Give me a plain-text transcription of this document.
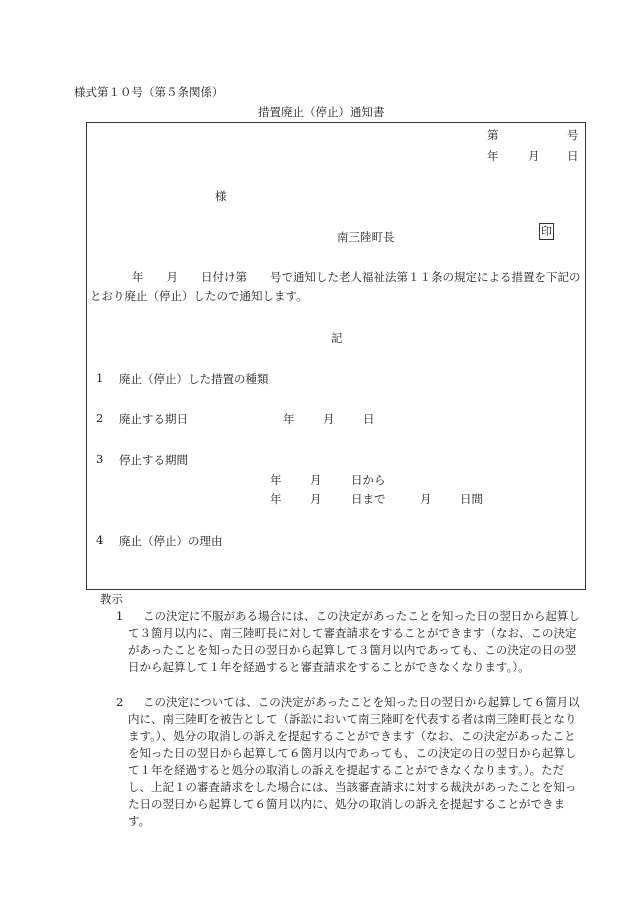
様式第１０号（第５条関係）
措置廃止（停止）通知書
第	号
年	月 日
様
南三陸町長	印
年　　月　　日付け第　　号で通知した老人福祉法第１１条の規定による措置を下記のとおり廃止（停止）したので通知します。
記
1 廃止（停止）した措置の種類
2 廃止する期日	年 月 日
3 停止する期間
年 月	日から
年 月	日まで	月 日間
4 廃止（停止）の理由
教示
1	この決定に不服がある場合には、この決定があったことを知った日の翌日から起算して３箇月以内に、南三陸町長に対して審査請求をすることができます（なお、この決定があったことを知った日の翌日から起算して３箇月以内であっても、この決定の日の翌日から起算して１年を経過すると審査請求をすることができなくなります。）。
2	この決定については、この決定があったことを知った日の翌日から起算して６箇月以内に、南三陸町を被告として（訴訟において南三陸町を代表する者は南三陸町長となります。）、処分の取消しの訴えを提起することができます（なお、この決定があったことを知った日の翌日から起算して６箇月以内であっても、この決定の日の翌日から起算して１年を経過すると処分の取消しの訴えを提起することができなくなります。）。ただし、上記１の審査請求をした場合には、当該審査請求に対する裁決があったことを知った日の翌日から起算して６箇月以内に、処分の取消しの訴えを提起することができます。
